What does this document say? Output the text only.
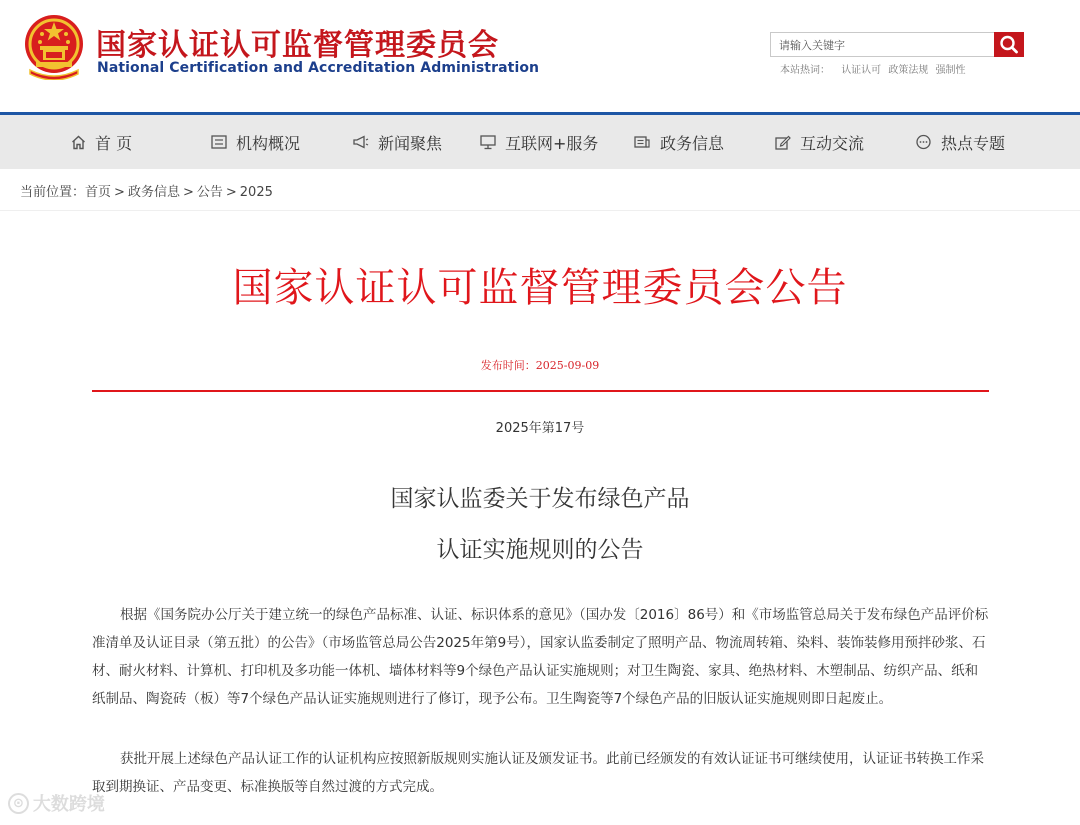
国家认证认可监督管理委员会
National Certification and Accreditation Administration
请输入关键字
本站热词： 认证认可 政策法规 强制性
首 页	机构概况	新闻聚焦	互联网+服务	政务信息	互动交流	热点专题
当前位置：首页 > 政务信息 > 公告 > 2025
国家认证认可监督管理委员会公告
发布时间：2025-09-09
2025年第17号
国家认监委关于发布绿色产品
认证实施规则的公告

根据《国务院办公厅关于建立统一的绿色产品标准、认证、标识体系的意见》（国办发〔2016〕86号）和《市场监管总局关于发布绿色产品评价标准清单及认证目录（第五批）的公告》（市场监管总局公告2025年第9号），国家认监委制定了照明产品、物流周转箱、染料、装饰装修用预拌砂浆、石材、耐火材料、计算机、打印机及多功能一体机、墙体材料等9个绿色产品认证实施规则；对卫生陶瓷、家具、绝热材料、木塑制品、纺织产品、纸和纸制品、陶瓷砖（板）等7个绿色产品认证实施规则进行了修订，现予公布。卫生陶瓷等7个绿色产品的旧版认证实施规则即日起废止。

获批开展上述绿色产品认证工作的认证机构应按照新版规则实施认证及颁发证书。此前已经颁发的有效认证证书可继续使用，认证证书转换工作采取到期换证、产品变更、标准换版等自然过渡的方式完成。

⊙ 大数跨境
